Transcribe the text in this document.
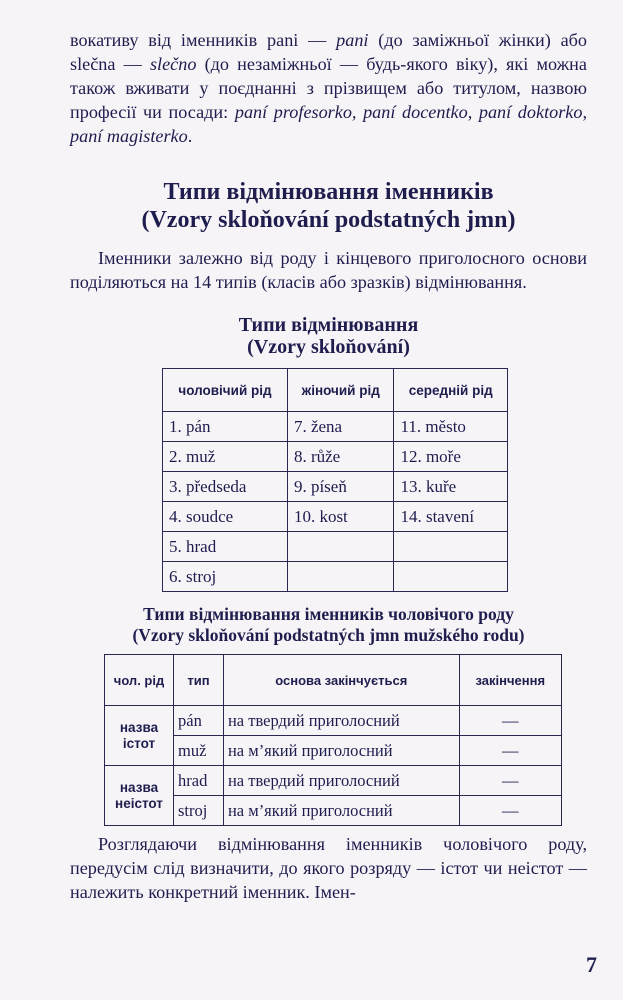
вокативу від іменників pani — pani (до заміжньої жінки) або slečna — slečno (до незаміжньої — будь-якого віку), які можна також вживати у поєднанні з прізвищем або титулом, назвою професії чи посади: paní profesorko, paní docentko, paní doktorko, paní magisterko.

Типи відмінювання іменників
(Vzory skloňování podstatných jmn)

Іменники залежно від роду і кінцевого приголосного основи поділяються на 14 типів (класів або зразків) відмінювання.

Типи відмінювання
(Vzory skloňování)
чоловічий рід	жіночий рід	середній рід
1. pán	7. žena	11. město
2. muž	8. růže	12. moře
3. předseda	9. píseň	13. kuře
4. soudce	10. kost	14. stavení
5. hrad		
6. stroj		
Типи відмінювання іменників чоловічого роду
(Vzory skloňování podstatných jmn mužského rodu)
чол. рід	тип	основа закінчується	закінчення
назва істот	pán	на твердий приголосний	—
	muž	на м’який приголосний	—
назва неістот	hrad	на твердий приголосний	—
	stroj	на м’який приголосний	—

Розглядаючи відмінювання іменників чоловічого роду, передусім слід визначити, до якого розряду — істот чи неістот — належить конкретний іменник. Імен-

7
